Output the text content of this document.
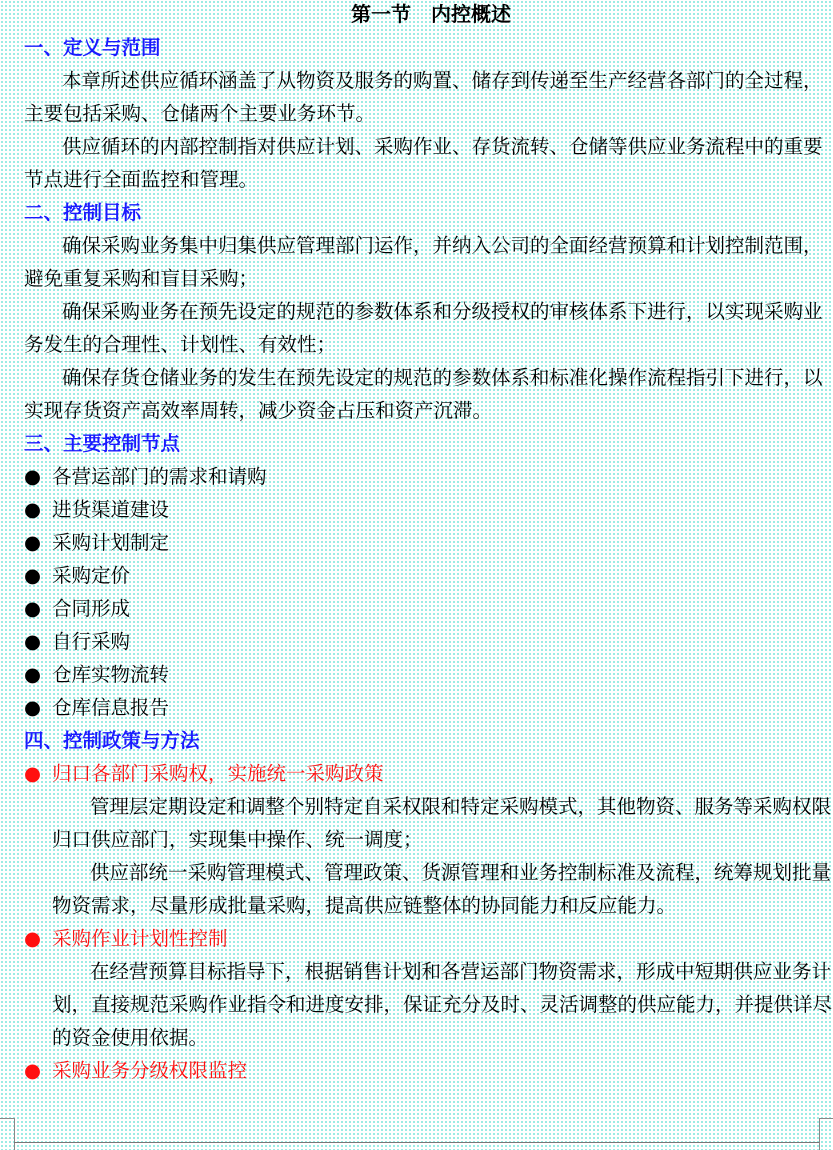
第一节　内控概述
一、定义与范围
本章所述供应循环涵盖了从物资及服务的购置、储存到传递至生产经营各部门的全过程，
主要包括采购、仓储两个主要业务环节。
供应循环的内部控制指对供应计划、采购作业、存货流转、仓储等供应业务流程中的重要
节点进行全面监控和管理。
二、控制目标
确保采购业务集中归集供应管理部门运作，并纳入公司的全面经营预算和计划控制范围，
避免重复采购和盲目采购；
确保采购业务在预先设定的规范的参数体系和分级授权的审核体系下进行，以实现采购业
务发生的合理性、计划性、有效性；
确保存货仓储业务的发生在预先设定的规范的参数体系和标准化操作流程指引下进行，以
实现存货资产高效率周转，减少资金占压和资产沉滞。
三、主要控制节点
● 各营运部门的需求和请购
● 进货渠道建设
● 采购计划制定
● 采购定价
● 合同形成
● 自行采购
● 仓库实物流转
● 仓库信息报告
四、控制政策与方法
● 归口各部门采购权，实施统一采购政策
管理层定期设定和调整个别特定自采权限和特定采购模式，其他物资、服务等采购权限
归口供应部门，实现集中操作、统一调度；
供应部统一采购管理模式、管理政策、货源管理和业务控制标准及流程，统筹规划批量
物资需求，尽量形成批量采购，提高供应链整体的协同能力和反应能力。
● 采购作业计划性控制
在经营预算目标指导下，根据销售计划和各营运部门物资需求，形成中短期供应业务计
划，直接规范采购作业指令和进度安排，保证充分及时、灵活调整的供应能力，并提供详尽
的资金使用依据。
● 采购业务分级权限监控
